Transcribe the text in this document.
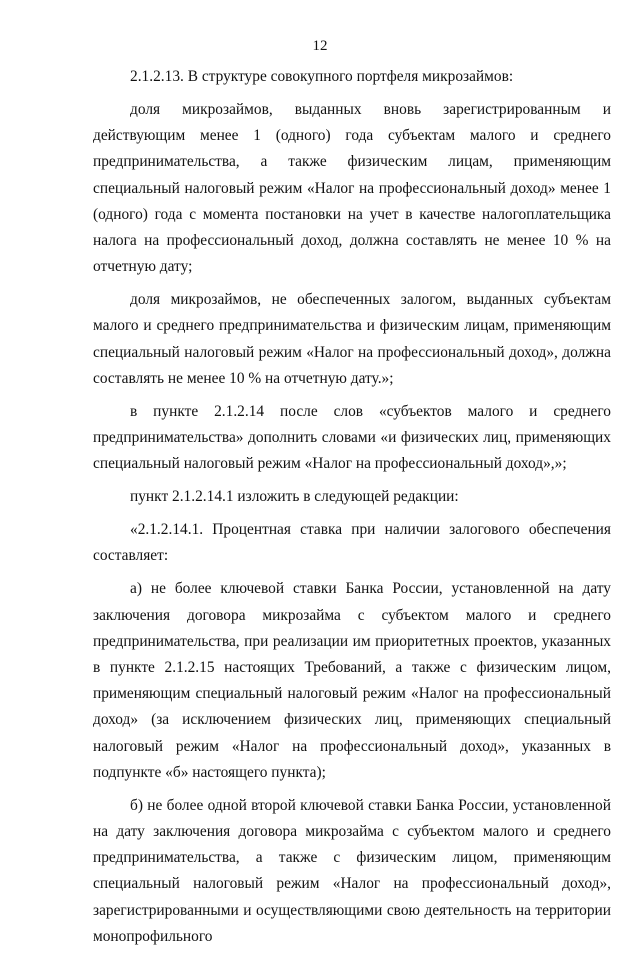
12

2.1.2.13. В структуре совокупного портфеля микрозаймов:

доля микрозаймов, выданных вновь зарегистрированным и действующим менее 1 (одного) года субъектам малого и среднего предпринимательства, а также физическим лицам, применяющим специальный налоговый режим «Налог на профессиональный доход» менее 1 (одного) года с момента постановки на учет в качестве налогоплательщика налога на профессиональный доход, должна составлять не менее 10 % на отчетную дату;

доля микрозаймов, не обеспеченных залогом, выданных субъектам малого и среднего предпринимательства и физическим лицам, применяющим специальный налоговый режим «Налог на профессиональный доход», должна составлять не менее 10 % на отчетную дату.»;

в пункте 2.1.2.14 после слов «субъектов малого и среднего предпринимательства» дополнить словами «и физических лиц, применяющих специальный налоговый режим «Налог на профессиональный доход»,»;

пункт 2.1.2.14.1 изложить в следующей редакции:

«2.1.2.14.1. Процентная ставка при наличии залогового обеспечения составляет:

а) не более ключевой ставки Банка России, установленной на дату заключения договора микрозайма с субъектом малого и среднего предпринимательства, при реализации им приоритетных проектов, указанных в пункте 2.1.2.15 настоящих Требований, а также с физическим лицом, применяющим специальный налоговый режим «Налог на профессиональный доход» (за исключением физических лиц, применяющих специальный налоговый режим «Налог на профессиональный доход», указанных в подпункте «б» настоящего пункта);

б) не более одной второй ключевой ставки Банка России, установленной на дату заключения договора микрозайма с субъектом малого и среднего предпринимательства, а также с физическим лицом, применяющим специальный налоговый режим «Налог на профессиональный доход», зарегистрированными и осуществляющими свою деятельность на территории монопрофильного
